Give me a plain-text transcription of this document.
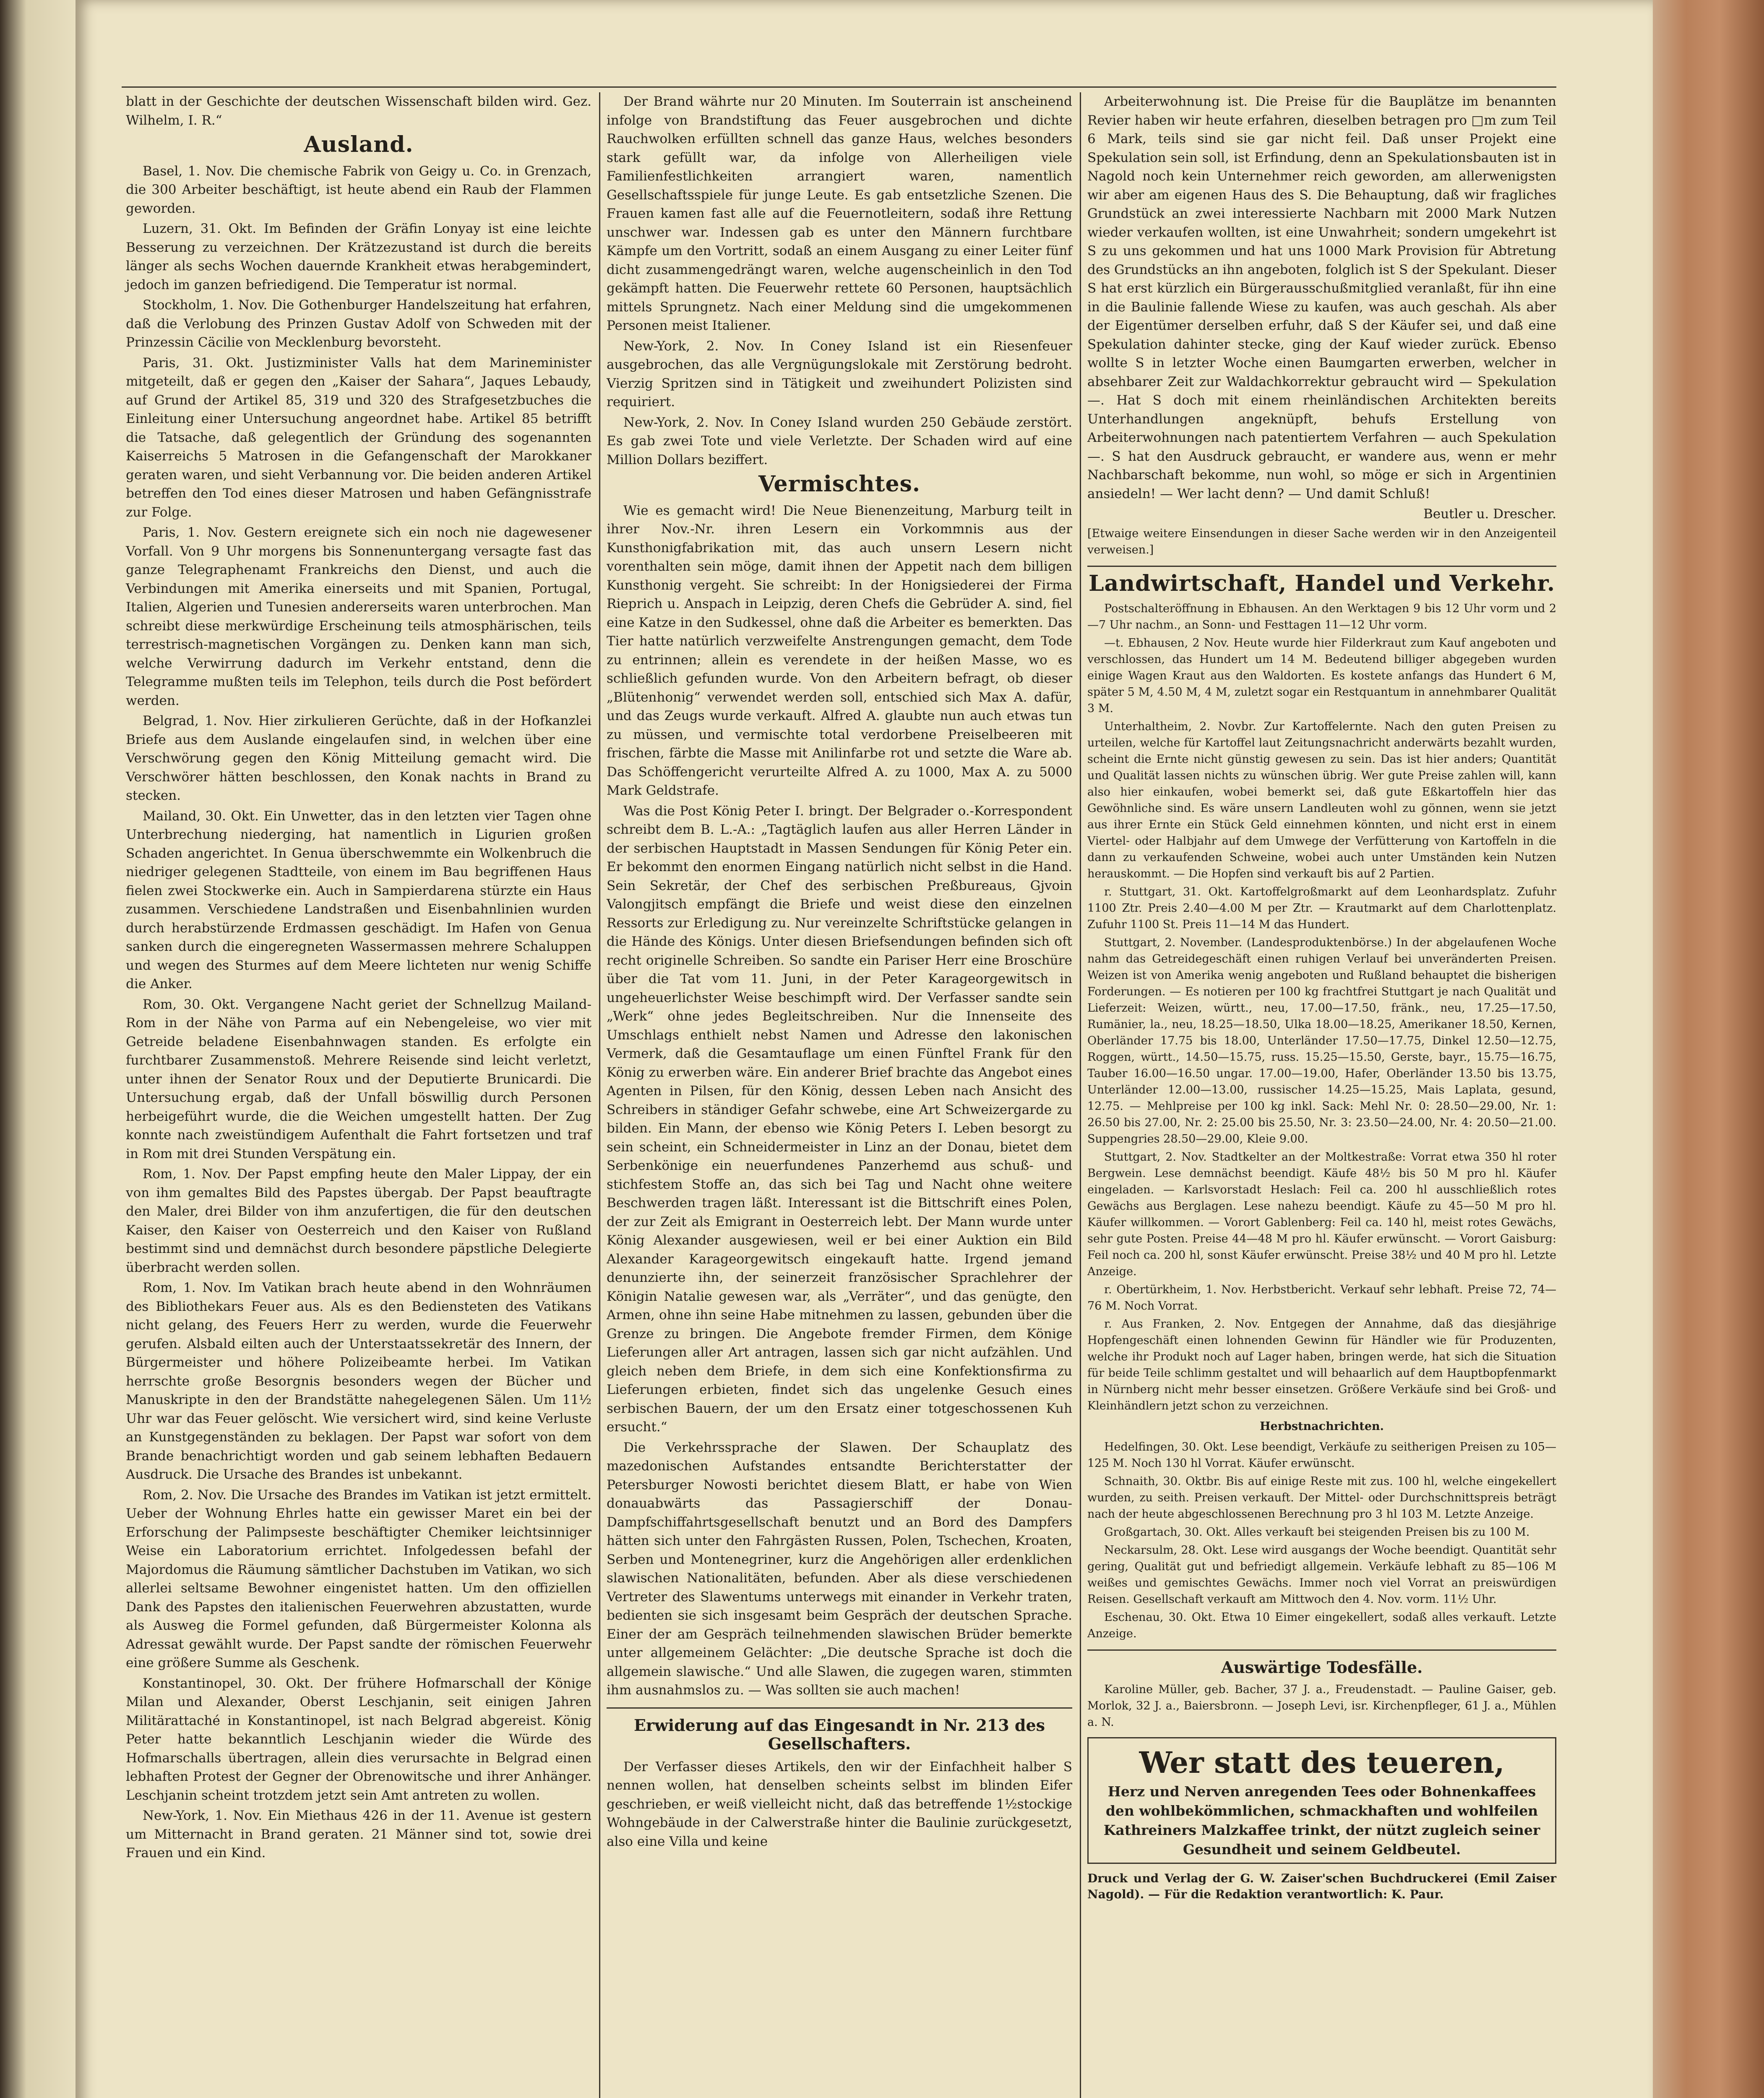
blatt in der Geschichte der deutschen Wissenschaft bilden wird. Gez. Wilhelm, I. R.“

Ausland.

Basel, 1. Nov. Die chemische Fabrik von Geigy u. Co. in Grenzach, die 300 Arbeiter beschäftigt, ist heute abend ein Raub der Flammen geworden.

Luzern, 31. Okt. Im Befinden der Gräfin Lonyay ist eine leichte Besserung zu verzeichnen. Der Krätzezustand ist durch die bereits länger als sechs Wochen dauernde Krankheit etwas herabgemindert, jedoch im ganzen befriedigend. Die Temperatur ist normal.

Stockholm, 1. Nov. Die Gothenburger Handelszeitung hat erfahren, daß die Verlobung des Prinzen Gustav Adolf von Schweden mit der Prinzessin Cäcilie von Mecklenburg bevorsteht.

Paris, 31. Okt. Justizminister Valls hat dem Marineminister mitgeteilt, daß er gegen den „Kaiser der Sahara“, Jaques Lebaudy, auf Grund der Artikel 85, 319 und 320 des Strafgesetzbuches die Einleitung einer Untersuchung angeordnet habe. Artikel 85 betrifft die Tatsache, daß gelegentlich der Gründung des sogenannten Kaiserreichs 5 Matrosen in die Gefangenschaft der Marokkaner geraten waren, und sieht Verbannung vor. Die beiden anderen Artikel betreffen den Tod eines dieser Matrosen und haben Gefängnisstrafe zur Folge.

Paris, 1. Nov. Gestern ereignete sich ein noch nie dagewesener Vorfall. Von 9 Uhr morgens bis Sonnenuntergang versagte fast das ganze Telegraphenamt Frankreichs den Dienst, und auch die Verbindungen mit Amerika einerseits und mit Spanien, Portugal, Italien, Algerien und Tunesien andererseits waren unterbrochen. Man schreibt diese merkwürdige Erscheinung teils atmosphärischen, teils terrestrisch-magnetischen Vorgängen zu. Denken kann man sich, welche Verwirrung dadurch im Verkehr entstand, denn die Telegramme mußten teils im Telephon, teils durch die Post befördert werden.

Belgrad, 1. Nov. Hier zirkulieren Gerüchte, daß in der Hofkanzlei Briefe aus dem Auslande eingelaufen sind, in welchen über eine Verschwörung gegen den König Mitteilung gemacht wird. Die Verschwörer hätten beschlossen, den Konak nachts in Brand zu stecken.

Mailand, 30. Okt. Ein Unwetter, das in den letzten vier Tagen ohne Unterbrechung niederging, hat namentlich in Ligurien großen Schaden angerichtet. In Genua überschwemmte ein Wolkenbruch die niedriger gelegenen Stadtteile, von einem im Bau begriffenen Haus fielen zwei Stockwerke ein. Auch in Sampierdarena stürzte ein Haus zusammen. Verschiedene Landstraßen und Eisenbahnlinien wurden durch herabstürzende Erdmassen geschädigt. Im Hafen von Genua sanken durch die eingeregneten Wassermassen mehrere Schaluppen und wegen des Sturmes auf dem Meere lichteten nur wenig Schiffe die Anker.

Rom, 30. Okt. Vergangene Nacht geriet der Schnellzug Mailand-Rom in der Nähe von Parma auf ein Nebengeleise, wo vier mit Getreide beladene Eisenbahnwagen standen. Es erfolgte ein furchtbarer Zusammenstoß. Mehrere Reisende sind leicht verletzt, unter ihnen der Senator Roux und der Deputierte Brunicardi. Die Untersuchung ergab, daß der Unfall böswillig durch Personen herbeigeführt wurde, die die Weichen umgestellt hatten. Der Zug konnte nach zweistündigem Aufenthalt die Fahrt fortsetzen und traf in Rom mit drei Stunden Verspätung ein.

Rom, 1. Nov. Der Papst empfing heute den Maler Lippay, der ein von ihm gemaltes Bild des Papstes übergab. Der Papst beauftragte den Maler, drei Bilder von ihm anzufertigen, die für den deutschen Kaiser, den Kaiser von Oesterreich und den Kaiser von Rußland bestimmt sind und demnächst durch besondere päpstliche Delegierte überbracht werden sollen.

Rom, 1. Nov. Im Vatikan brach heute abend in den Wohnräumen des Bibliothekars Feuer aus. Als es den Bediensteten des Vatikans nicht gelang, des Feuers Herr zu werden, wurde die Feuerwehr gerufen. Alsbald eilten auch der Unterstaatssekretär des Innern, der Bürgermeister und höhere Polizeibeamte herbei. Im Vatikan herrschte große Besorgnis besonders wegen der Bücher und Manuskripte in den der Brandstätte nahegelegenen Sälen. Um 11½ Uhr war das Feuer gelöscht. Wie versichert wird, sind keine Verluste an Kunstgegenständen zu beklagen. Der Papst war sofort von dem Brande benachrichtigt worden und gab seinem lebhaften Bedauern Ausdruck. Die Ursache des Brandes ist unbekannt.

Rom, 2. Nov. Die Ursache des Brandes im Vatikan ist jetzt ermittelt. Ueber der Wohnung Ehrles hatte ein gewisser Maret ein bei der Erforschung der Palimpseste beschäftigter Chemiker leichtsinniger Weise ein Laboratorium errichtet. Infolgedessen befahl der Majordomus die Räumung sämtlicher Dachstuben im Vatikan, wo sich allerlei seltsame Bewohner eingenistet hatten. Um den offiziellen Dank des Papstes den italienischen Feuerwehren abzustatten, wurde als Ausweg die Formel gefunden, daß Bürgermeister Kolonna als Adressat gewählt wurde. Der Papst sandte der römischen Feuerwehr eine größere Summe als Geschenk.

Konstantinopel, 30. Okt. Der frühere Hofmarschall der Könige Milan und Alexander, Oberst Leschjanin, seit einigen Jahren Militärattaché in Konstantinopel, ist nach Belgrad abgereist. König Peter hatte bekanntlich Leschjanin wieder die Würde des Hofmarschalls übertragen, allein dies verursachte in Belgrad einen lebhaften Protest der Gegner der Obrenowitsche und ihrer Anhänger. Leschjanin scheint trotzdem jetzt sein Amt antreten zu wollen.

New-York, 1. Nov. Ein Miethaus 426 in der 11. Avenue ist gestern um Mitternacht in Brand geraten. 21 Männer sind tot, sowie drei Frauen und ein Kind.

Der Brand währte nur 20 Minuten. Im Souterrain ist anscheinend infolge von Brandstiftung das Feuer ausgebrochen und dichte Rauchwolken erfüllten schnell das ganze Haus, welches besonders stark gefüllt war, da infolge von Allerheiligen viele Familienfestlichkeiten arrangiert waren, namentlich Gesellschaftsspiele für junge Leute. Es gab entsetzliche Szenen. Die Frauen kamen fast alle auf die Feuernotleitern, sodaß ihre Rettung unschwer war. Indessen gab es unter den Männern furchtbare Kämpfe um den Vortritt, sodaß an einem Ausgang zu einer Leiter fünf dicht zusammengedrängt waren, welche augenscheinlich in den Tod gekämpft hatten. Die Feuerwehr rettete 60 Personen, hauptsächlich mittels Sprungnetz. Nach einer Meldung sind die umgekommenen Personen meist Italiener.

New-York, 2. Nov. In Coney Island ist ein Riesenfeuer ausgebrochen, das alle Vergnügungslokale mit Zerstörung bedroht. Vierzig Spritzen sind in Tätigkeit und zweihundert Polizisten sind requiriert.

New-York, 2. Nov. In Coney Island wurden 250 Gebäude zerstört. Es gab zwei Tote und viele Verletzte. Der Schaden wird auf eine Million Dollars beziffert.

Vermischtes.

Wie es gemacht wird! Die Neue Bienenzeitung, Marburg teilt in ihrer Nov.-Nr. ihren Lesern ein Vorkommnis aus der Kunsthonigfabrikation mit, das auch unsern Lesern nicht vorenthalten sein möge, damit ihnen der Appetit nach dem billigen Kunsthonig vergeht. Sie schreibt: In der Honigsiederei der Firma Rieprich u. Anspach in Leipzig, deren Chefs die Gebrüder A. sind, fiel eine Katze in den Sudkessel, ohne daß die Arbeiter es bemerkten. Das Tier hatte natürlich verzweifelte Anstrengungen gemacht, dem Tode zu entrinnen; allein es verendete in der heißen Masse, wo es schließlich gefunden wurde. Von den Arbeitern befragt, ob dieser „Blütenhonig“ verwendet werden soll, entschied sich Max A. dafür, und das Zeugs wurde verkauft. Alfred A. glaubte nun auch etwas tun zu müssen, und vermischte total verdorbene Preiselbeeren mit frischen, färbte die Masse mit Anilinfarbe rot und setzte die Ware ab. Das Schöffengericht verurteilte Alfred A. zu 1000, Max A. zu 5000 Mark Geldstrafe.

Was die Post König Peter I. bringt. Der Belgrader o.-Korrespondent schreibt dem B. L.-A.: „Tagtäglich laufen aus aller Herren Länder in der serbischen Hauptstadt in Massen Sendungen für König Peter ein. Er bekommt den enormen Eingang natürlich nicht selbst in die Hand. Sein Sekretär, der Chef des serbischen Preßbureaus, Gjvoin Valongjitsch empfängt die Briefe und weist diese den einzelnen Ressorts zur Erledigung zu. Nur vereinzelte Schriftstücke gelangen in die Hände des Königs. Unter diesen Briefsendungen befinden sich oft recht originelle Schreiben. So sandte ein Pariser Herr eine Broschüre über die Tat vom 11. Juni, in der Peter Karageorgewitsch in ungeheuerlichster Weise beschimpft wird. Der Verfasser sandte sein „Werk“ ohne jedes Begleitschreiben. Nur die Innenseite des Umschlags enthielt nebst Namen und Adresse den lakonischen Vermerk, daß die Gesamtauflage um einen Fünftel Frank für den König zu erwerben wäre. Ein anderer Brief brachte das Angebot eines Agenten in Pilsen, für den König, dessen Leben nach Ansicht des Schreibers in ständiger Gefahr schwebe, eine Art Schweizergarde zu bilden. Ein Mann, der ebenso wie König Peters I. Leben besorgt zu sein scheint, ein Schneidermeister in Linz an der Donau, bietet dem Serbenkönige ein neuerfundenes Panzerhemd aus schuß- und stichfestem Stoffe an, das sich bei Tag und Nacht ohne weitere Beschwerden tragen läßt. Interessant ist die Bittschrift eines Polen, der zur Zeit als Emigrant in Oesterreich lebt. Der Mann wurde unter König Alexander ausgewiesen, weil er bei einer Auktion ein Bild Alexander Karageorgewitsch eingekauft hatte. Irgend jemand denunzierte ihn, der seinerzeit französischer Sprachlehrer der Königin Natalie gewesen war, als „Verräter“, und das genügte, den Armen, ohne ihn seine Habe mitnehmen zu lassen, gebunden über die Grenze zu bringen. Die Angebote fremder Firmen, dem Könige Lieferungen aller Art antragen, lassen sich gar nicht aufzählen. Und gleich neben dem Briefe, in dem sich eine Konfektionsfirma zu Lieferungen erbieten, findet sich das ungelenke Gesuch eines serbischen Bauern, der um den Ersatz einer totgeschossenen Kuh ersucht.“

Die Verkehrssprache der Slawen. Der Schauplatz des mazedonischen Aufstandes entsandte Berichterstatter der Petersburger Nowosti berichtet diesem Blatt, er habe von Wien donauabwärts das Passagierschiff der Donau-Dampfschiffahrtsgesellschaft benutzt und an Bord des Dampfers hätten sich unter den Fahrgästen Russen, Polen, Tschechen, Kroaten, Serben und Montenegriner, kurz die Angehörigen aller erdenklichen slawischen Nationalitäten, befunden. Aber als diese verschiedenen Vertreter des Slawentums unterwegs mit einander in Verkehr traten, bedienten sie sich insgesamt beim Gespräch der deutschen Sprache. Einer der am Gespräch teilnehmenden slawischen Brüder bemerkte unter allgemeinem Gelächter: „Die deutsche Sprache ist doch die allgemein slawische.“ Und alle Slawen, die zugegen waren, stimmten ihm ausnahmslos zu. — Was sollten sie auch machen!

Erwiderung auf das Eingesandt in Nr. 213 des Gesellschafters.

Der Verfasser dieses Artikels, den wir der Einfachheit halber S nennen wollen, hat denselben scheints selbst im blinden Eifer geschrieben, er weiß vielleicht nicht, daß das betreffende 1½stockige Wohngebäude in der Calwerstraße hinter die Baulinie zurückgesetzt, also eine Villa und keine

Arbeiterwohnung ist. Die Preise für die Bauplätze im benannten Revier haben wir heute erfahren, dieselben betragen pro □m zum Teil 6 Mark, teils sind sie gar nicht feil. Daß unser Projekt eine Spekulation sein soll, ist Erfindung, denn an Spekulationsbauten ist in Nagold noch kein Unternehmer reich geworden, am allerwenigsten wir aber am eigenen Haus des S. Die Behauptung, daß wir fragliches Grundstück an zwei interessierte Nachbarn mit 2000 Mark Nutzen wieder verkaufen wollten, ist eine Unwahrheit; sondern umgekehrt ist S zu uns gekommen und hat uns 1000 Mark Provision für Abtretung des Grundstücks an ihn angeboten, folglich ist S der Spekulant. Dieser S hat erst kürzlich ein Bürgerausschußmitglied veranlaßt, für ihn eine in die Baulinie fallende Wiese zu kaufen, was auch geschah. Als aber der Eigentümer derselben erfuhr, daß S der Käufer sei, und daß eine Spekulation dahinter stecke, ging der Kauf wieder zurück. Ebenso wollte S in letzter Woche einen Baumgarten erwerben, welcher in absehbarer Zeit zur Waldachkorrektur gebraucht wird — Spekulation —. Hat S doch mit einem rheinländischen Architekten bereits Unterhandlungen angeknüpft, behufs Erstellung von Arbeiterwohnungen nach patentiertem Verfahren — auch Spekulation —. S hat den Ausdruck gebraucht, er wandere aus, wenn er mehr Nachbarschaft bekomme, nun wohl, so möge er sich in Argentinien ansiedeln! — Wer lacht denn? — Und damit Schluß!

Beutler u. Drescher.

[Etwaige weitere Einsendungen in dieser Sache werden wir in den Anzeigenteil verweisen.]

Landwirtschaft, Handel und Verkehr.

Postschalteröffnung in Ebhausen. An den Werktagen 9 bis 12 Uhr vorm und 2—7 Uhr nachm., an Sonn- und Festtagen 11—12 Uhr vorm.

—t. Ebhausen, 2 Nov. Heute wurde hier Filderkraut zum Kauf angeboten und verschlossen, das Hundert um 14 M. Bedeutend billiger abgegeben wurden einige Wagen Kraut aus den Waldorten. Es kostete anfangs das Hundert 6 M, später 5 M, 4.50 M, 4 M, zuletzt sogar ein Restquantum in annehmbarer Qualität 3 M.

Unterhaltheim, 2. Novbr. Zur Kartoffelernte. Nach den guten Preisen zu urteilen, welche für Kartoffel laut Zeitungsnachricht anderwärts bezahlt wurden, scheint die Ernte nicht günstig gewesen zu sein. Das ist hier anders; Quantität und Qualität lassen nichts zu wünschen übrig. Wer gute Preise zahlen will, kann also hier einkaufen, wobei bemerkt sei, daß gute Eßkartoffeln hier das Gewöhnliche sind. Es wäre unsern Landleuten wohl zu gönnen, wenn sie jetzt aus ihrer Ernte ein Stück Geld einnehmen könnten, und nicht erst in einem Viertel- oder Halbjahr auf dem Umwege der Verfütterung von Kartoffeln in die dann zu verkaufenden Schweine, wobei auch unter Umständen kein Nutzen herauskommt. — Die Hopfen sind verkauft bis auf 2 Partien.

r. Stuttgart, 31. Okt. Kartoffelgroßmarkt auf dem Leonhardsplatz. Zufuhr 1100 Ztr. Preis 2.40—4.00 M per Ztr. — Krautmarkt auf dem Charlottenplatz. Zufuhr 1100 St. Preis 11—14 M das Hundert.

Stuttgart, 2. November. (Landesproduktenbörse.) In der abgelaufenen Woche nahm das Getreidegeschäft einen ruhigen Verlauf bei unveränderten Preisen. Weizen ist von Amerika wenig angeboten und Rußland behauptet die bisherigen Forderungen. — Es notieren per 100 kg frachtfrei Stuttgart je nach Qualität und Lieferzeit: Weizen, württ., neu, 17.00—17.50, fränk., neu, 17.25—17.50, Rumänier, la., neu, 18.25—18.50, Ulka 18.00—18.25, Amerikaner 18.50, Kernen, Oberländer 17.75 bis 18.00, Unterländer 17.50—17.75, Dinkel 12.50—12.75, Roggen, württ., 14.50—15.75, russ. 15.25—15.50, Gerste, bayr., 15.75—16.75, Tauber 16.00—16.50 ungar. 17.00—19.00, Hafer, Oberländer 13.50 bis 13.75, Unterländer 12.00—13.00, russischer 14.25—15.25, Mais Laplata, gesund, 12.75. — Mehlpreise per 100 kg inkl. Sack: Mehl Nr. 0: 28.50—29.00, Nr. 1: 26.50 bis 27.00, Nr. 2: 25.00 bis 25.50, Nr. 3: 23.50—24.00, Nr. 4: 20.50—21.00. Suppengries 28.50—29.00, Kleie 9.00.

Stuttgart, 2. Nov. Stadtkelter an der Moltkestraße: Vorrat etwa 350 hl roter Bergwein. Lese demnächst beendigt. Käufe 48½ bis 50 M pro hl. Käufer eingeladen. — Karlsvorstadt Heslach: Feil ca. 200 hl ausschließlich rotes Gewächs aus Berglagen. Lese nahezu beendigt. Käufe zu 45—50 M pro hl. Käufer willkommen. — Vorort Gablenberg: Feil ca. 140 hl, meist rotes Gewächs, sehr gute Posten. Preise 44—48 M pro hl. Käufer erwünscht. — Vorort Gaisburg: Feil noch ca. 200 hl, sonst Käufer erwünscht. Preise 38½ und 40 M pro hl. Letzte Anzeige.

r. Obertürkheim, 1. Nov. Herbstbericht. Verkauf sehr lebhaft. Preise 72, 74—76 M. Noch Vorrat.

r. Aus Franken, 2. Nov. Entgegen der Annahme, daß das diesjährige Hopfengeschäft einen lohnenden Gewinn für Händler wie für Produzenten, welche ihr Produkt noch auf Lager haben, bringen werde, hat sich die Situation für beide Teile schlimm gestaltet und will behaarlich auf dem Hauptbopfenmarkt in Nürnberg nicht mehr besser einsetzen. Größere Verkäufe sind bei Groß- und Kleinhändlern jetzt schon zu verzeichnen.

Herbstnachrichten.

Hedelfingen, 30. Okt. Lese beendigt, Verkäufe zu seitherigen Preisen zu 105—125 M. Noch 130 hl Vorrat. Käufer erwünscht.

Schnaith, 30. Oktbr. Bis auf einige Reste mit zus. 100 hl, welche eingekellert wurden, zu seith. Preisen verkauft. Der Mittel- oder Durchschnittspreis beträgt nach der heute abgeschlossenen Berechnung pro 3 hl 103 M. Letzte Anzeige.

Großgartach, 30. Okt. Alles verkauft bei steigenden Preisen bis zu 100 M.

Neckarsulm, 28. Okt. Lese wird ausgangs der Woche beendigt. Quantität sehr gering, Qualität gut und befriedigt allgemein. Verkäufe lebhaft zu 85—106 M weißes und gemischtes Gewächs. Immer noch viel Vorrat an preiswürdigen Reisen. Gesellschaft verkauft am Mittwoch den 4. Nov. vorm. 11½ Uhr.

Eschenau, 30. Okt. Etwa 10 Eimer eingekellert, sodaß alles verkauft. Letzte Anzeige.

Auswärtige Todesfälle.

Karoline Müller, geb. Bacher, 37 J. a., Freudenstadt. — Pauline Gaiser, geb. Morlok, 32 J. a., Baiersbronn. — Joseph Levi, isr. Kirchenpfleger, 61 J. a., Mühlen a. N.

Wer statt des teueren,
Herz und Nerven anregenden Tees oder Bohnenkaffees den wohlbekömmlichen, schmackhaften und wohlfeilen Kathreiners Malzkaffee trinkt, der nützt zugleich seiner Gesundheit und seinem Geldbeutel.

Druck und Verlag der G. W. Zaiser'schen Buchdruckerei (Emil Zaiser Nagold). — Für die Redaktion verantwortlich: K. Paur.
